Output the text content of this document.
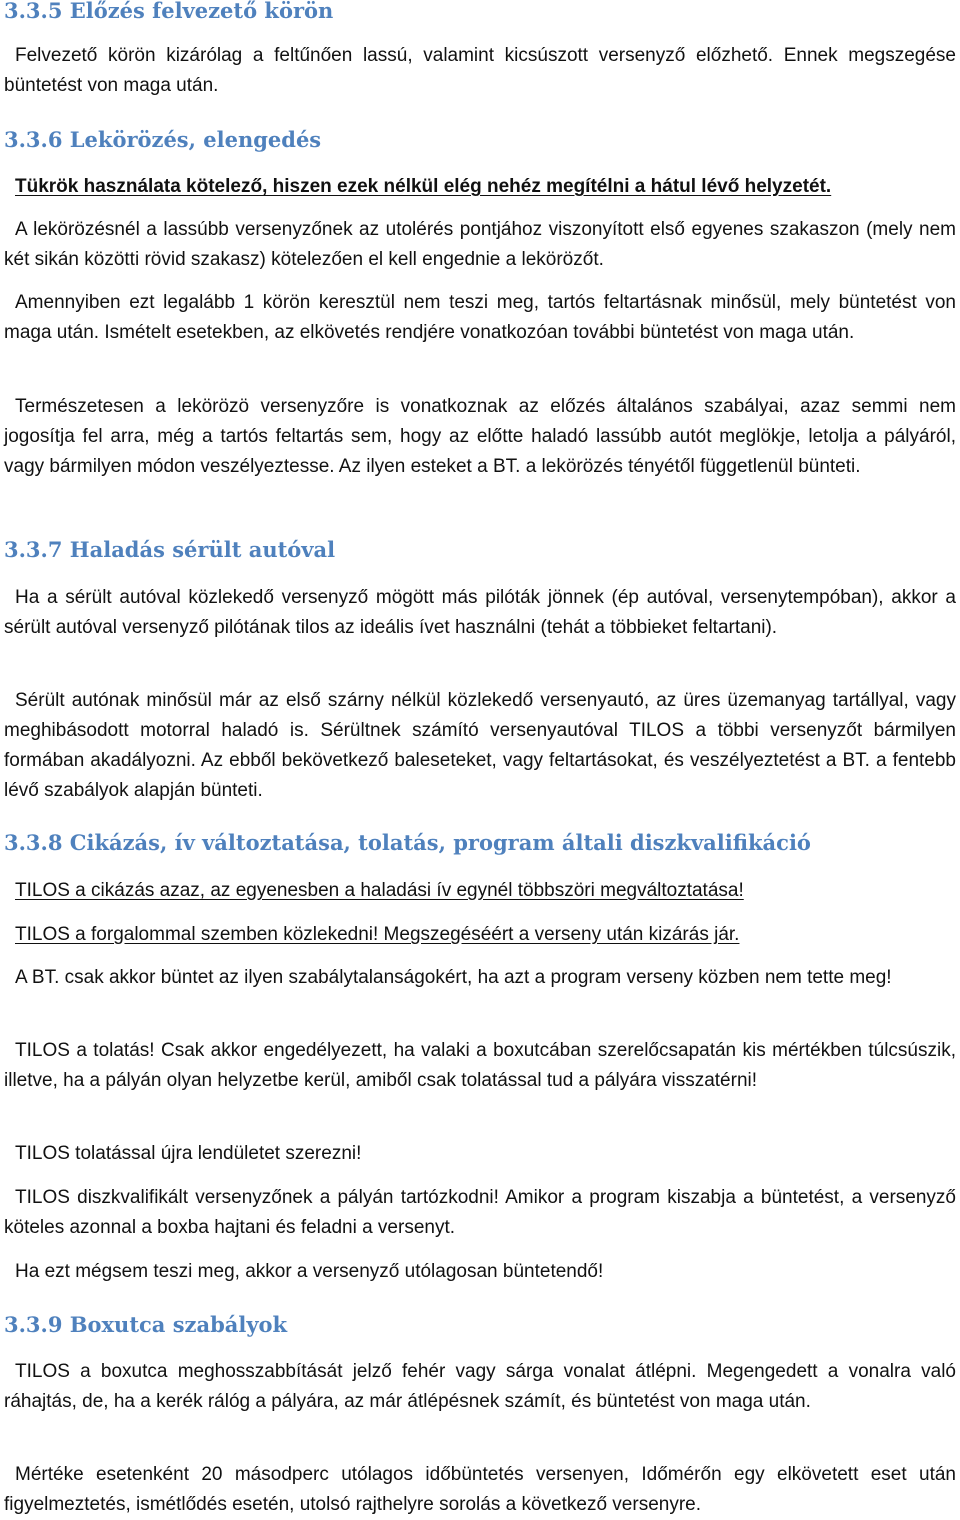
3.3.5 Előzés felvezető körön

Felvezető körön kizárólag a feltűnően lassú, valamint kicsúszott versenyző előzhető. Ennek megszegése büntetést von maga után.

3.3.6 Lekörözés, elengedés

Tükrök használata kötelező, hiszen ezek nélkül elég nehéz megítélni a hátul lévő helyzetét.

A lekörözésnél a lassúbb versenyzőnek az utolérés pontjához viszonyított első egyenes szakaszon (mely nem két sikán közötti rövid szakasz) kötelezően el kell engednie a lekörözőt.

Amennyiben ezt legalább 1 körön keresztül nem teszi meg, tartós feltartásnak minősül, mely büntetést von maga után. Ismételt esetekben, az elkövetés rendjére vonatkozóan további büntetést von maga után.

Természetesen a lekörözö versenyzőre is vonatkoznak az előzés általános szabályai, azaz semmi nem jogosítja fel arra, még a tartós feltartás sem, hogy az előtte haladó lassúbb autót meglökje, letolja a pályáról, vagy bármilyen módon veszélyeztesse. Az ilyen esteket a BT. a lekörözés tényétől függetlenül bünteti.

3.3.7 Haladás sérült autóval

Ha a sérült autóval közlekedő versenyző mögött más pilóták jönnek (ép autóval, versenytempóban), akkor a sérült autóval versenyző pilótának tilos az ideális ívet használni (tehát a többieket feltartani).

Sérült autónak minősül már az első szárny nélkül közlekedő versenyautó, az üres üzemanyag tartállyal, vagy meghibásodott motorral haladó is. Sérültnek számító versenyautóval TILOS a többi versenyzőt bármilyen formában akadályozni. Az ebből bekövetkező baleseteket, vagy feltartásokat, és veszélyeztetést a BT. a fentebb lévő szabályok alapján bünteti.

3.3.8 Cikázás, ív változtatása, tolatás, program általi diszkvalifikáció

TILOS a cikázás azaz, az egyenesben a haladási ív egynél többszöri megváltoztatása!

TILOS a forgalommal szemben közlekedni! Megszegéséért a verseny után kizárás jár.

A BT. csak akkor büntet az ilyen szabálytalanságokért, ha azt a program verseny közben nem tette meg!

TILOS a tolatás! Csak akkor engedélyezett, ha valaki a boxutcában szerelőcsapatán kis mértékben túlcsúszik, illetve, ha a pályán olyan helyzetbe kerül, amiből csak tolatással tud a pályára visszatérni!

TILOS tolatással újra lendületet szerezni!

TILOS diszkvalifikált versenyzőnek a pályán tartózkodni! Amikor a program kiszabja a büntetést, a versenyző köteles azonnal a boxba hajtani és feladni a versenyt.

Ha ezt mégsem teszi meg, akkor a versenyző utólagosan büntetendő!

3.3.9 Boxutca szabályok

TILOS a boxutca meghosszabbítását jelző fehér vagy sárga vonalat átlépni. Megengedett a vonalra való ráhajtás, de, ha a kerék rálóg a pályára, az már átlépésnek számít, és büntetést von maga után.

Mértéke esetenként 20 másodperc utólagos időbüntetés versenyen, Időmérőn egy elkövetett eset után figyelmeztetés, ismétlődés esetén, utolsó rajthelyre sorolás a következő versenyre.
